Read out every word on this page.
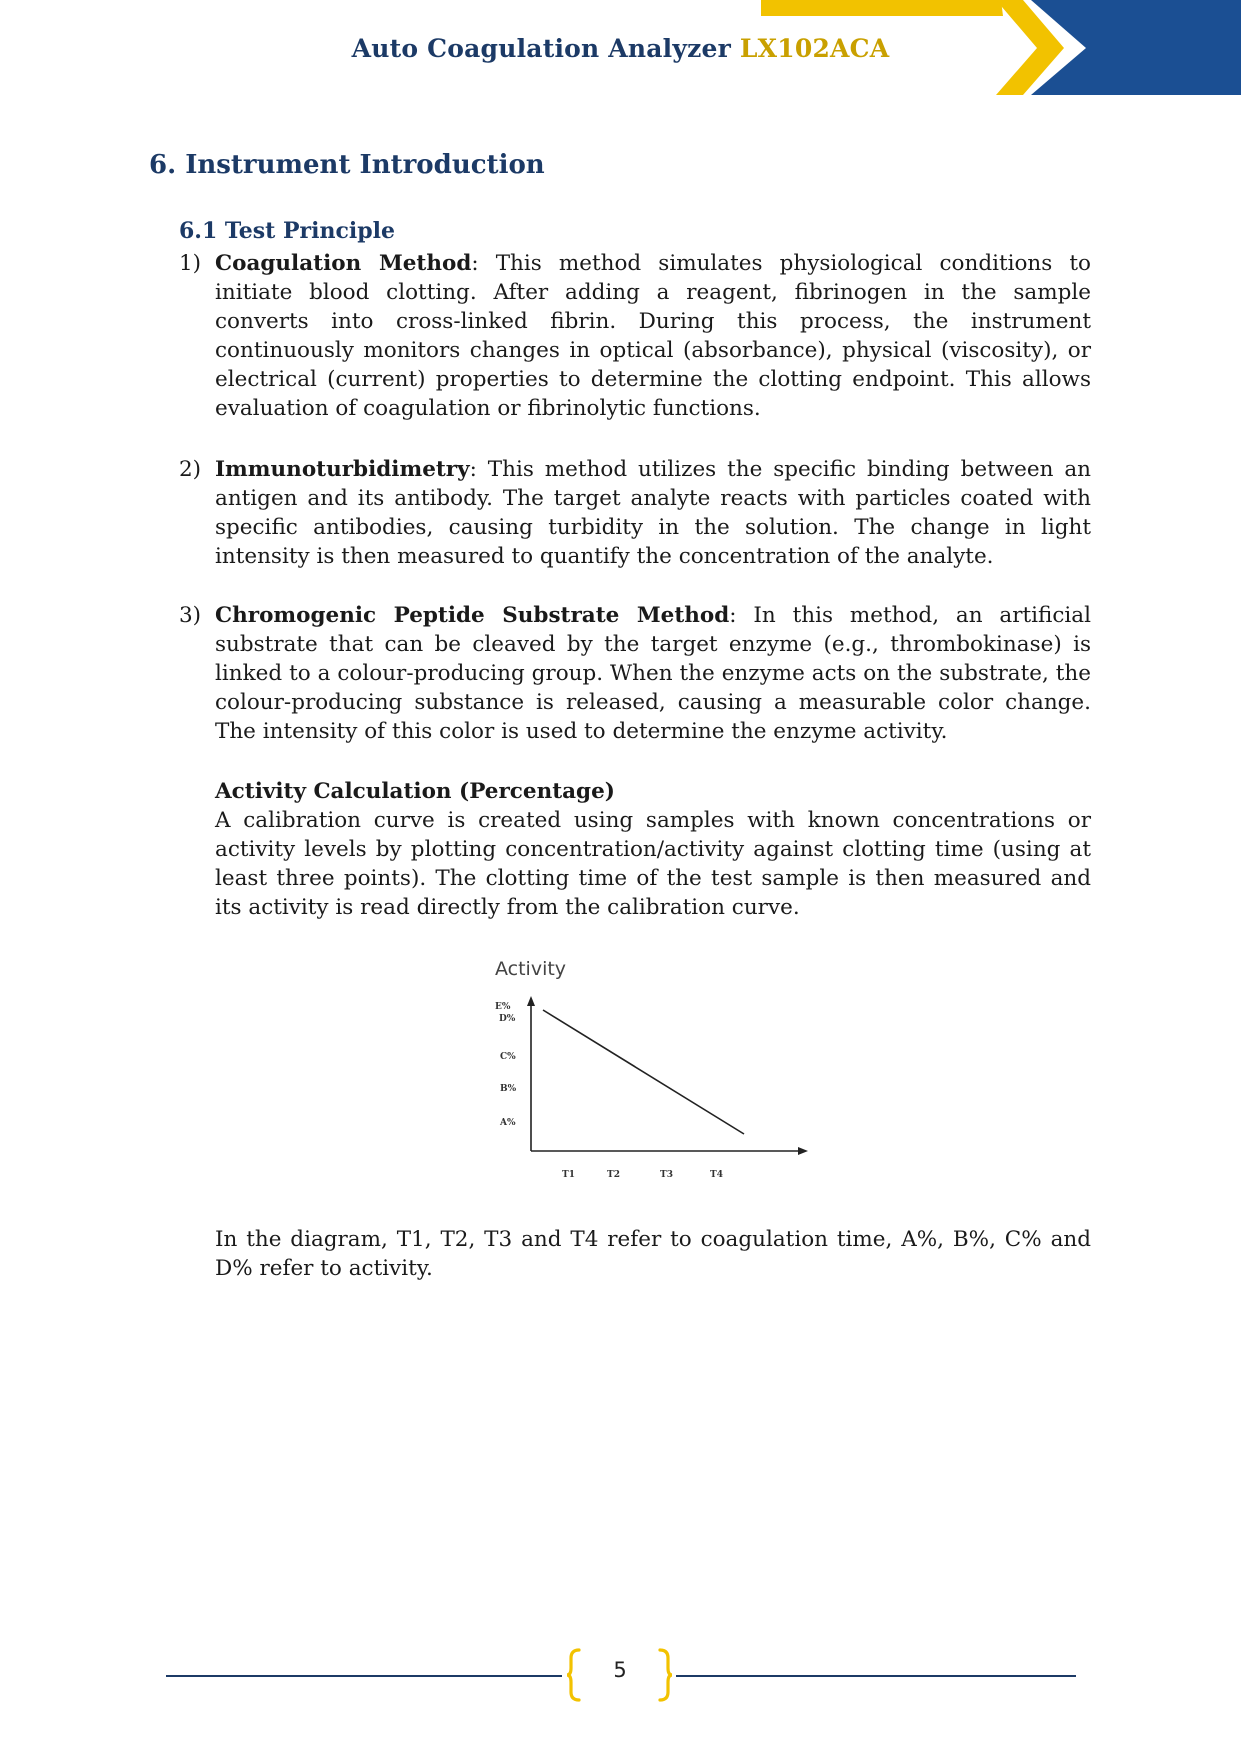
Auto Coagulation Analyzer LX102ACA
6. Instrument Introduction
6.1 Test Principle
1) Coagulation Method: This method simulates physiological conditions to initiate blood clotting. After adding a reagent, fibrinogen in the sample converts into cross-linked fibrin. During this process, the instrument continuously monitors changes in optical (absorbance), physical (viscosity), or electrical (current) properties to determine the clotting endpoint. This allows evaluation of coagulation or fibrinolytic functions.
2) Immunoturbidimetry: This method utilizes the specific binding between an antigen and its antibody. The target analyte reacts with particles coated with specific antibodies, causing turbidity in the solution. The change in light intensity is then measured to quantify the concentration of the analyte.
3) Chromogenic Peptide Substrate Method: In this method, an artificial substrate that can be cleaved by the target enzyme (e.g., thrombokinase) is linked to a colour-producing group. When the enzyme acts on the substrate, the colour-producing substance is released, causing a measurable color change. The intensity of this color is used to determine the enzyme activity.
Activity Calculation (Percentage)
A calibration curve is created using samples with known concentrations or activity levels by plotting concentration/activity against clotting time (using at least three points). The clotting time of the test sample is then measured and its activity is read directly from the calibration curve.
Activity
E%
D%
C%
B%
A%
T1	T2	T3	T4
In the diagram, T1, T2, T3 and T4 refer to coagulation time, A%, B%, C% and D% refer to activity.
5
